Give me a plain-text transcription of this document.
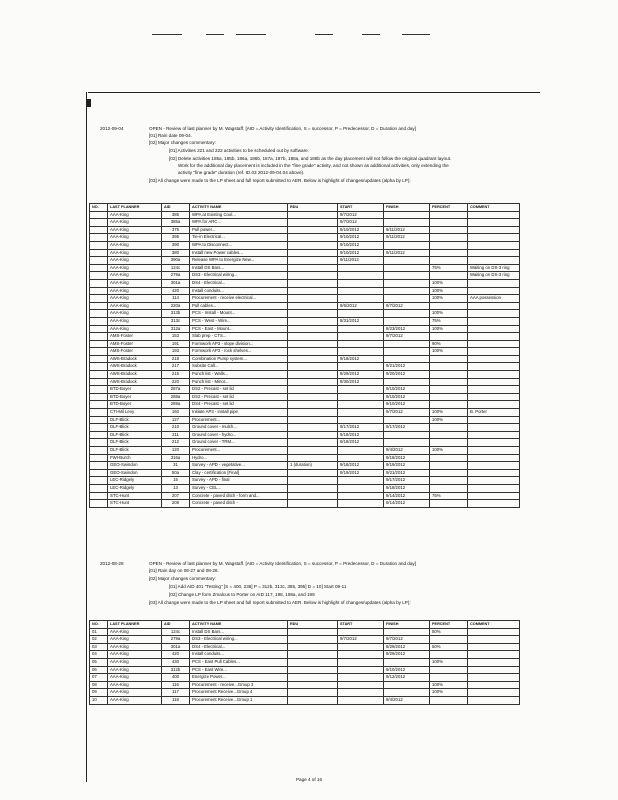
2012-09-04	OPEN - Review of last planner by M. Wagstaff. [AID = Activity Identification, S = successor, P = Predecessor, D = Duration and day]
[01] Rain date 09-04.
[02] Major changes commentary:
[01] Activities 221 and 222 activities to be scheduled out by software.
[02] Delete activities 185a, 185b, 186a, 186b, 187a, 187b, 188a, and 188b as the day placement will not follow the original quadrant layout.
Work for the additional day placement is included in the "fine grade" activity, and not shown as additional activities, only extending the
activity "fine grade" duration (ref. ID.03 2012-09-04.04 above).
[03] All change were made to the LP sheet and full report submitted to AER. Below is highlight of changes/updates (alpha by LP):
NO.	LAST PLANNER	AID	ACTIVITY NAME	RDU	START	FINISH	PERCENT	COMMENT
	AAA-King	385	WPA at Existing Cool...		9/7/2012			
	AAA-King	385a	WPA for ARC...		9/7/2012			
	AAA-King	375	Pull power...		9/10/2012	9/11/2012		
	AAA-King	395	Tie-in Electrical...		9/10/2012	9/11/2012		
	AAA-King	390	WPA to Disconnect...		9/10/2012			
	AAA-King	380	Install new Power cables...		9/10/2012	9/11/2012		
	AAA-King	390a	Release WPA to Energize New...		9/11/2012			
	AAA-King	124c	Install DS Bars...				75%	Waiting on DS-3 ring
	AAA-King	279a	DS3 - Electrical wiring...					Waiting on DS-3 ring
	AAA-King	301a	DS4 - Electrical...				100%	
	AAA-King	420	Install conduits...				100%	
	AAA-King	114	Procurement - receive electrical...				100%	AAA possession
	AAA-King	220a	Pull cables...		9/6/2012	9/7/2012		
	AAA-King	313b	PCS - Install - Mount...				100%	
	AAA-King	313c	PCS - West - Wire...		8/31/2012		75%	
	AAA-King	312a	PCS - East - Mount...			8/23/2012	100%	
	AMS-Foster	153	Slab prep - CTS...			9/7/2012		
	AMS-Foster	191	Formwork AP3 - slope division...				90%	
	AMS-Foster	193	Formwork AP3 - rock shelves...				100%	
	AWS-Bradock	218	Combination Pump system...		9/18/2012			
	AWS-Bradock	217	Subsite Call...			9/21/2012		
	AWS-Bradock	215	Punch list - Walls...		8/29/2012	9/20/2012		
	AWS-Bradock	220	Punch list - Minor...		8/30/2012			
	BTD-Boyer	287a	DS2 - Precast - set lid			9/10/2012		
	BTD-Boyer	288a	DS2 - Precast - set lid			9/10/2012		
	BTD-Boyer	289a	DS4 - Precast - set lid			9/10/2012		
	CTI-Mil Levy	160	Initiate AP3 - install pipe			9/7/2012	100%	B. Porter
	DLF-Blick	127	Procurement...				100%	
	DLF-Blick	210	Ground cover - mulch...		9/17/2012	9/17/2012		
	DLF-Blick	211	Ground cover - hydro...		9/18/2012			
	DLF-Blick	212	Ground cover - TRM...		9/18/2012			
	DLF-Blick	120	Procurement...			9/4/2012	100%	
	FWI-Burch	316a	Hydro...			9/18/2012		
	GEO-Swindon	31	Survey - APD - vegetative...	1 (duration)	9/18/2012	9/19/2012		
	GEO-Swindon	50a	Clay - certification [Final]		9/19/2012	9/21/2012		
	LEC-Ridgely	15	Survey - APD - final			9/17/2012		
	LEC-Ridgely	13	Survey - CEL...			9/18/2012		
	STC-Hunt	207	Concrete - paved ditch - form and...			9/14/2012	75%	
	STC-Hunt	208	Concrete - paved ditch -			9/14/2012		
2012-08-28	OPEN - Review of last planner by M. Wagstaff. [AID = Activity Identification, S = successor, P = Predecessor, D = Duration and day]
[01] Rain day on 08-27 and 08-28.
[02] Major changes commentary:
[01] Add AID 401 "Testing" [S = 400, 236] P = 312b, 313c, 385, 395] D = 10] Start 09-11
[02] Change LP form Zmalcus to Porter on AID 117, 198, 198a, and 199
[03] All change were made to the LP sheet and full report submitted to AER. Below is highlight of changes/updates (alpha by LP):
NO.	LAST PLANNER	AID	ACTIVITY NAME	RDU	START	FINISH	PERCENT	COMMENT
01	AAA-King	124c	Install DS Bars...				50%	
02	AAA-King	279a	DS3 - Electrical wiring...		9/7/2012	9/7/2012		
03	AAA-King	301a	DS4 - Electrical...			8/29/2012	50%	
04	AAA-King	420	Install conduits...			8/29/2012		
05	AAA-King	430	PCS - East Pull Cables...				100%	
06	AAA-King	312b	PCS - East Wire...			9/10/2012		
07	AAA-King	400	Energize Power...			9/12/2012		
08	AAA-King	116	Procurement - receive...Group 3				100%	
09	AAA-King	117	Procurement Receive...Group 4				100%	
10	AAA-King	118	Procurement Receive...Group 1			9/4/2012		
Page 4 of 16
